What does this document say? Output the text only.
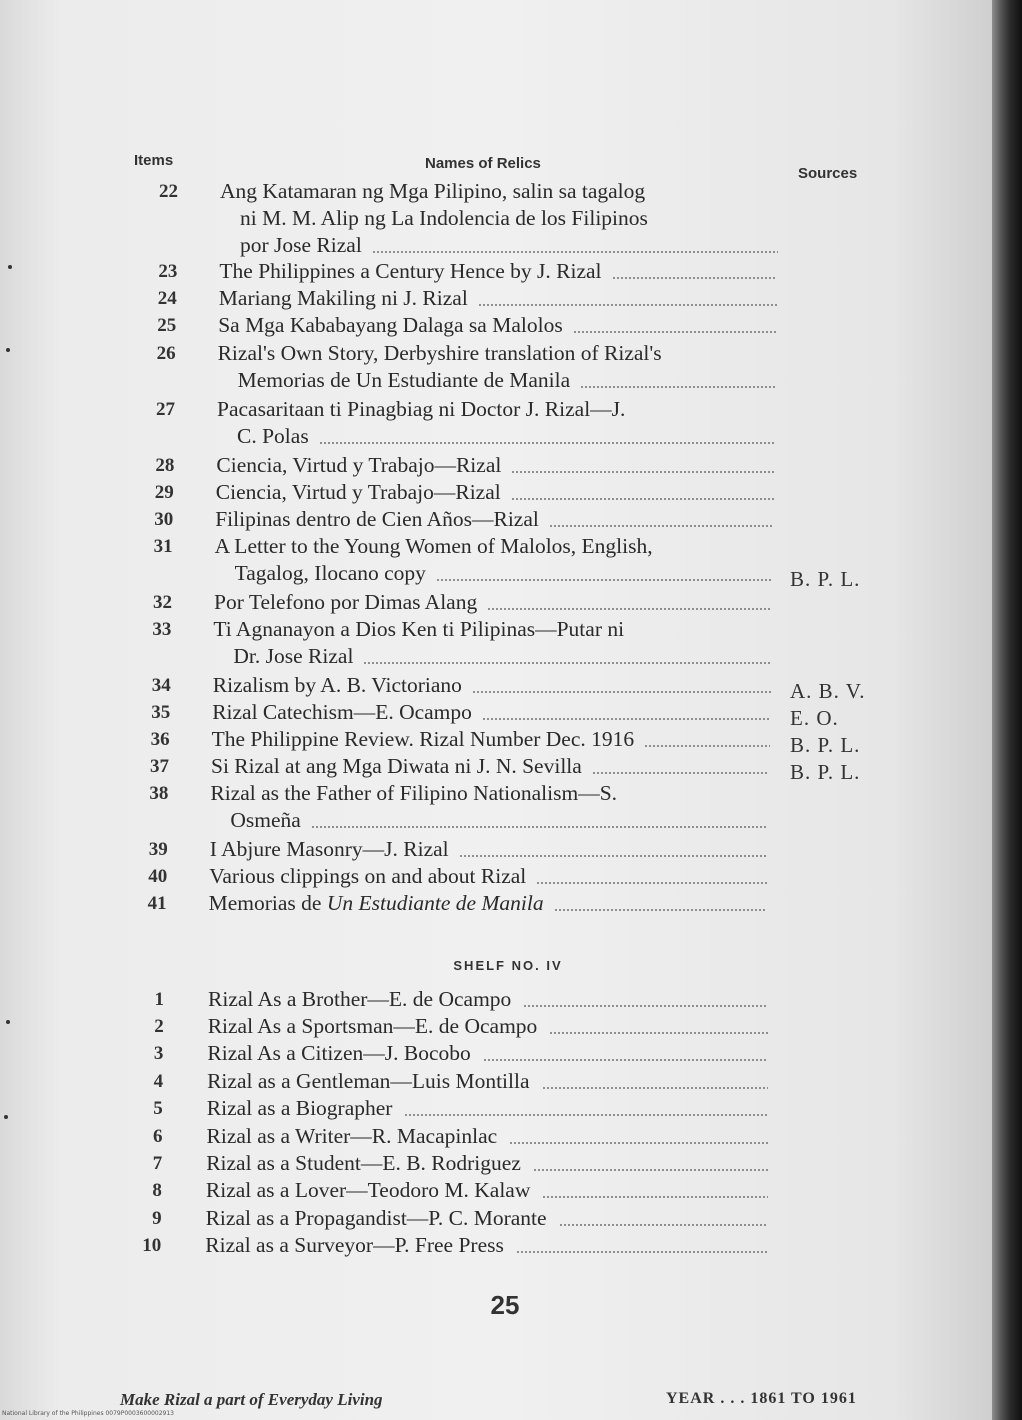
Items	Names of Relics
Sources
22 Ang Katamaran ng Mga Pilipino, salin sa tagalog
ni M. M. Alip ng La Indolencia de los Filipinos
por Jose Rizal
23 The Philippines a Century Hence by J. Rizal
24 Mariang Makiling ni J. Rizal
25 Sa Mga Kababayang Dalaga sa Malolos
26 Rizal's Own Story, Derbyshire translation of Rizal's
Memorias de Un Estudiante de Manila
27 Pacasaritaan ti Pinagbiag ni Doctor J. Rizal—J.
C. Polas
28 Ciencia, Virtud y Trabajo—Rizal
29 Ciencia, Virtud y Trabajo—Rizal
30 Filipinas dentro de Cien Años—Rizal
31 A Letter to the Young Women of Malolos, English,
Tagalog, Ilocano copy	B. P. L.
32 Por Telefono por Dimas Alang
33 Ti Agnanayon a Dios Ken ti Pilipinas—Putar ni
Dr. Jose Rizal
34 Rizalism by A. B. Victoriano	A. B. V.
35 Rizal Catechism—E. Ocampo	E. O.
36 The Philippine Review. Rizal Number Dec. 1916	B. P. L.
37 Si Rizal at ang Mga Diwata ni J. N. Sevilla	B. P. L.
38 Rizal as the Father of Filipino Nationalism—S.
Osmeña
39 I Abjure Masonry—J. Rizal
40 Various clippings on and about Rizal
41 Memorias de Un Estudiante de Manila
SHELF NO. IV
1 Rizal As a Brother—E. de Ocampo
2 Rizal As a Sportsman—E. de Ocampo
3 Rizal As a Citizen—J. Bocobo
4 Rizal as a Gentleman—Luis Montilla
5 Rizal as a Biographer
6 Rizal as a Writer—R. Macapinlac
7 Rizal as a Student—E. B. Rodriguez
8 Rizal as a Lover—Teodoro M. Kalaw
9 Rizal as a Propagandist—P. C. Morante
10 Rizal as a Surveyor—P. Free Press
25
Make Rizal a part of Everyday Living	YEAR . . . 1861 TO 1961
National Library of the Philippines 0079P0003600002913
